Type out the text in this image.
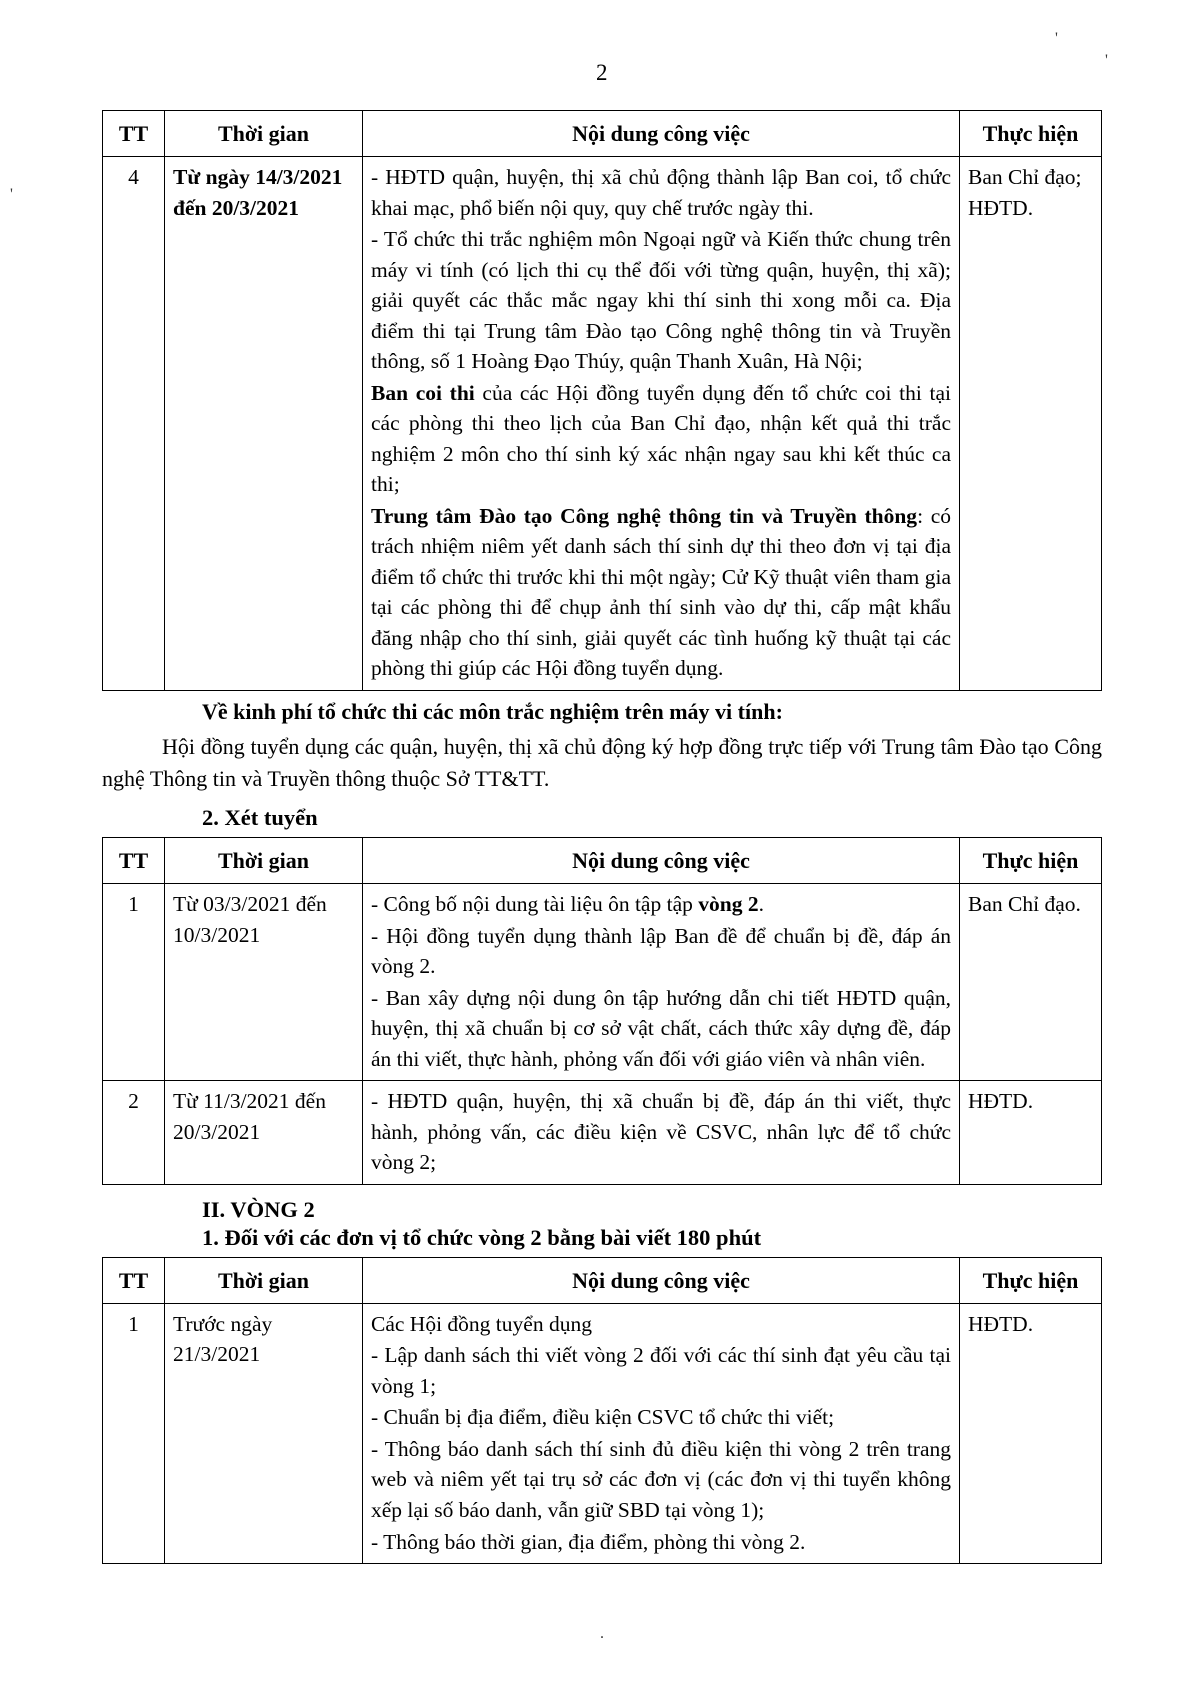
'
'
'
2
TT	Thời gian	Nội dung công việc	Thực hiện
4	Từ ngày 14/3/2021 đến 20/3/2021	- HĐTD quận, huyện, thị xã chủ động thành lập Ban coi, tổ chức khai mạc, phổ biến nội quy, quy chế trước ngày thi.

- Tổ chức thi trắc nghiệm môn Ngoại ngữ và Kiến thức chung trên máy vi tính (có lịch thi cụ thể đối với từng quận, huyện, thị xã); giải quyết các thắc mắc ngay khi thí sinh thi xong mỗi ca. Địa điểm thi tại Trung tâm Đào tạo Công nghệ thông tin và Truyền thông, số 1 Hoàng Đạo Thúy, quận Thanh Xuân, Hà Nội;

Ban coi thi của các Hội đồng tuyển dụng đến tổ chức coi thi tại các phòng thi theo lịch của Ban Chỉ đạo, nhận kết quả thi trắc nghiệm 2 môn cho thí sinh ký xác nhận ngay sau khi kết thúc ca thi;

Trung tâm Đào tạo Công nghệ thông tin và Truyền thông: có trách nhiệm niêm yết danh sách thí sinh dự thi theo đơn vị tại địa điểm tổ chức thi trước khi thi một ngày; Cử Kỹ thuật viên tham gia tại các phòng thi để chụp ảnh thí sinh vào dự thi, cấp mật khẩu đăng nhập cho thí sinh, giải quyết các tình huống kỹ thuật tại các phòng thi giúp các Hội đồng tuyển dụng.	Ban Chỉ đạo; HĐTD.
Về kinh phí tổ chức thi các môn trắc nghiệm trên máy vi tính:
Hội đồng tuyển dụng các quận, huyện, thị xã chủ động ký hợp đồng trực tiếp với Trung tâm Đào tạo Công nghệ Thông tin và Truyền thông thuộc Sở TT&TT.
2. Xét tuyển
TT	Thời gian	Nội dung công việc	Thực hiện
1	Từ 03/3/2021 đến 10/3/2021	- Công bố nội dung tài liệu ôn tập tập vòng 2.

- Hội đồng tuyển dụng thành lập Ban đề để chuẩn bị đề, đáp án vòng 2.

- Ban xây dựng nội dung ôn tập hướng dẫn chi tiết HĐTD quận, huyện, thị xã chuẩn bị cơ sở vật chất, cách thức xây dựng đề, đáp án thi viết, thực hành, phỏng vấn đối với giáo viên và nhân viên.	Ban Chỉ đạo.
2	Từ 11/3/2021 đến 20/3/2021	- HĐTD quận, huyện, thị xã chuẩn bị đề, đáp án thi viết, thực hành, phỏng vấn, các điều kiện về CSVC, nhân lực để tổ chức vòng 2;	HĐTD.
II. VÒNG 2
1. Đối với các đơn vị tổ chức vòng 2 bằng bài viết 180 phút
TT	Thời gian	Nội dung công việc	Thực hiện
1	Trước ngày 21/3/2021	Các Hội đồng tuyển dụng

- Lập danh sách thi viết vòng 2 đối với các thí sinh đạt yêu cầu tại vòng 1;

- Chuẩn bị địa điểm, điều kiện CSVC tổ chức thi viết;

- Thông báo danh sách thí sinh đủ điều kiện thi vòng 2 trên trang web và niêm yết tại trụ sở các đơn vị (các đơn vị thi tuyển không xếp lại số báo danh, vẫn giữ SBD tại vòng 1);

- Thông báo thời gian, địa điểm, phòng thi vòng 2.	HĐTD.
.
